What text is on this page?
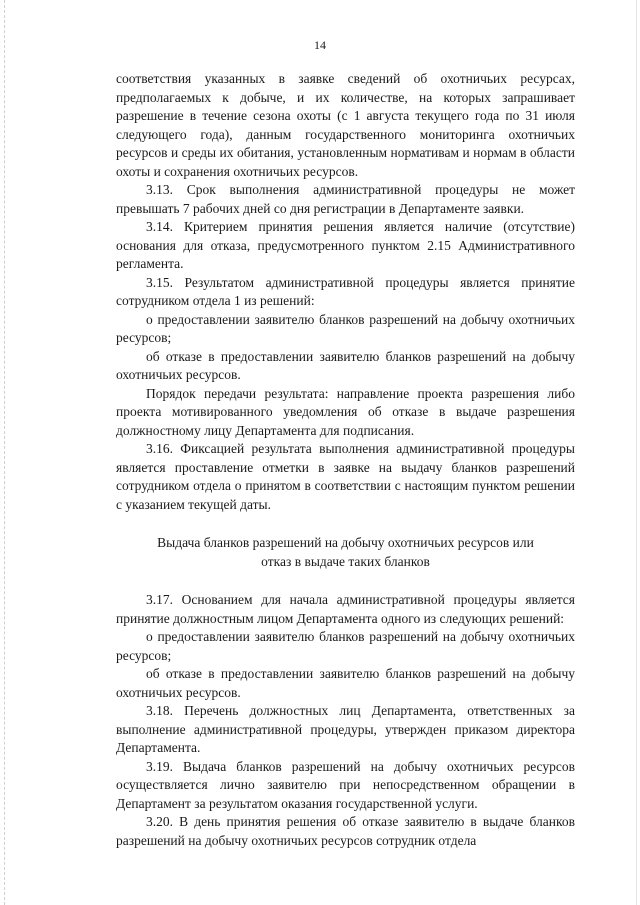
14

соответствия указанных в заявке сведений об охотничьих ресурсах, предполагаемых к добыче, и их количестве, на которых запрашивает разрешение в течение сезона охоты (с 1 августа текущего года по 31 июля следующего года), данным государственного мониторинга охотничьих ресурсов и среды их обитания, установленным нормативам и нормам в области охоты и сохранения охотничьих ресурсов.

3.13. Срок выполнения административной процедуры не может превышать 7 рабочих дней со дня регистрации в Департаменте заявки.

3.14. Критерием принятия решения является наличие (отсутствие) основания для отказа, предусмотренного пунктом 2.15 Административного регламента.

3.15. Результатом административной процедуры является принятие сотрудником отдела 1 из решений:

о предоставлении заявителю бланков разрешений на добычу охотничьих ресурсов;

об отказе в предоставлении заявителю бланков разрешений на добычу охотничьих ресурсов.

Порядок передачи результата: направление проекта разрешения либо проекта мотивированного уведомления об отказе в выдаче разрешения должностному лицу Департамента для подписания.

3.16. Фиксацией результата выполнения административной процедуры является проставление отметки в заявке на выдачу бланков разрешений сотрудником отдела о принятом в соответствии с настоящим пунктом решении с указанием текущей даты.

Выдача бланков разрешений на добычу охотничьих ресурсов или
отказ в выдаче таких бланков

3.17. Основанием для начала административной процедуры является принятие должностным лицом Департамента одного из следующих решений:

о предоставлении заявителю бланков разрешений на добычу охотничьих ресурсов;

об отказе в предоставлении заявителю бланков разрешений на добычу охотничьих ресурсов.

3.18. Перечень должностных лиц Департамента, ответственных за выполнение административной процедуры, утвержден приказом директора Департамента.

3.19. Выдача бланков разрешений на добычу охотничьих ресурсов осуществляется лично заявителю при непосредственном обращении в Департамент за результатом оказания государственной услуги.

3.20. В день принятия решения об отказе заявителю в выдаче бланков разрешений на добычу охотничьих ресурсов сотрудник отдела
